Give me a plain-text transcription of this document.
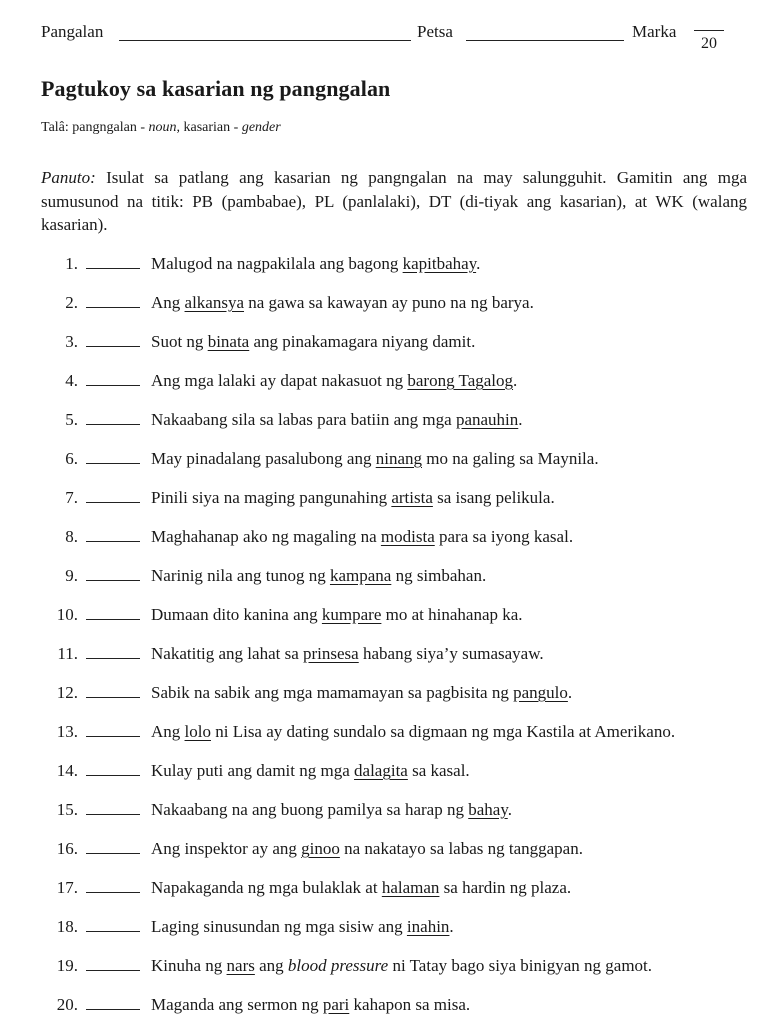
Pangalan	Petsa	Marka
20
Pagtukoy sa kasarian ng pangngalan
Talâ: pangngalan - noun, kasarian - gender
Panuto: Isulat sa patlang ang kasarian ng pangngalan na may salungguhit. Gamitin ang mga sumusunod na titik: PB (pambabae), PL (panlalaki), DT (di-tiyak ang kasarian), at WK (walang kasarian).
1.	Malugod na nagpakilala ang bagong kapitbahay.
2.	Ang alkansya na gawa sa kawayan ay puno na ng barya.
3.	Suot ng binata ang pinakamagara niyang damit.
4.	Ang mga lalaki ay dapat nakasuot ng barong Tagalog.
5.	Nakaabang sila sa labas para batiin ang mga panauhin.
6.	May pinadalang pasalubong ang ninang mo na galing sa Maynila.
7.	Pinili siya na maging pangunahing artista sa isang pelikula.
8.	Maghahanap ako ng magaling na modista para sa iyong kasal.
9.	Narinig nila ang tunog ng kampana ng simbahan.
10.	Dumaan dito kanina ang kumpare mo at hinahanap ka.
11.	Nakatitig ang lahat sa prinsesa habang siya’y sumasayaw.
12.	Sabik na sabik ang mga mamamayan sa pagbisita ng pangulo.
13.	Ang lolo ni Lisa ay dating sundalo sa digmaan ng mga Kastila at Amerikano.
14.	Kulay puti ang damit ng mga dalagita sa kasal.
15.	Nakaabang na ang buong pamilya sa harap ng bahay.
16.	Ang inspektor ay ang ginoo na nakatayo sa labas ng tanggapan.
17.	Napakaganda ng mga bulaklak at halaman sa hardin ng plaza.
18.	Laging sinusundan ng mga sisiw ang inahin.
19.	Kinuha ng nars ang blood pressure ni Tatay bago siya binigyan ng gamot.
20.	Maganda ang sermon ng pari kahapon sa misa.
